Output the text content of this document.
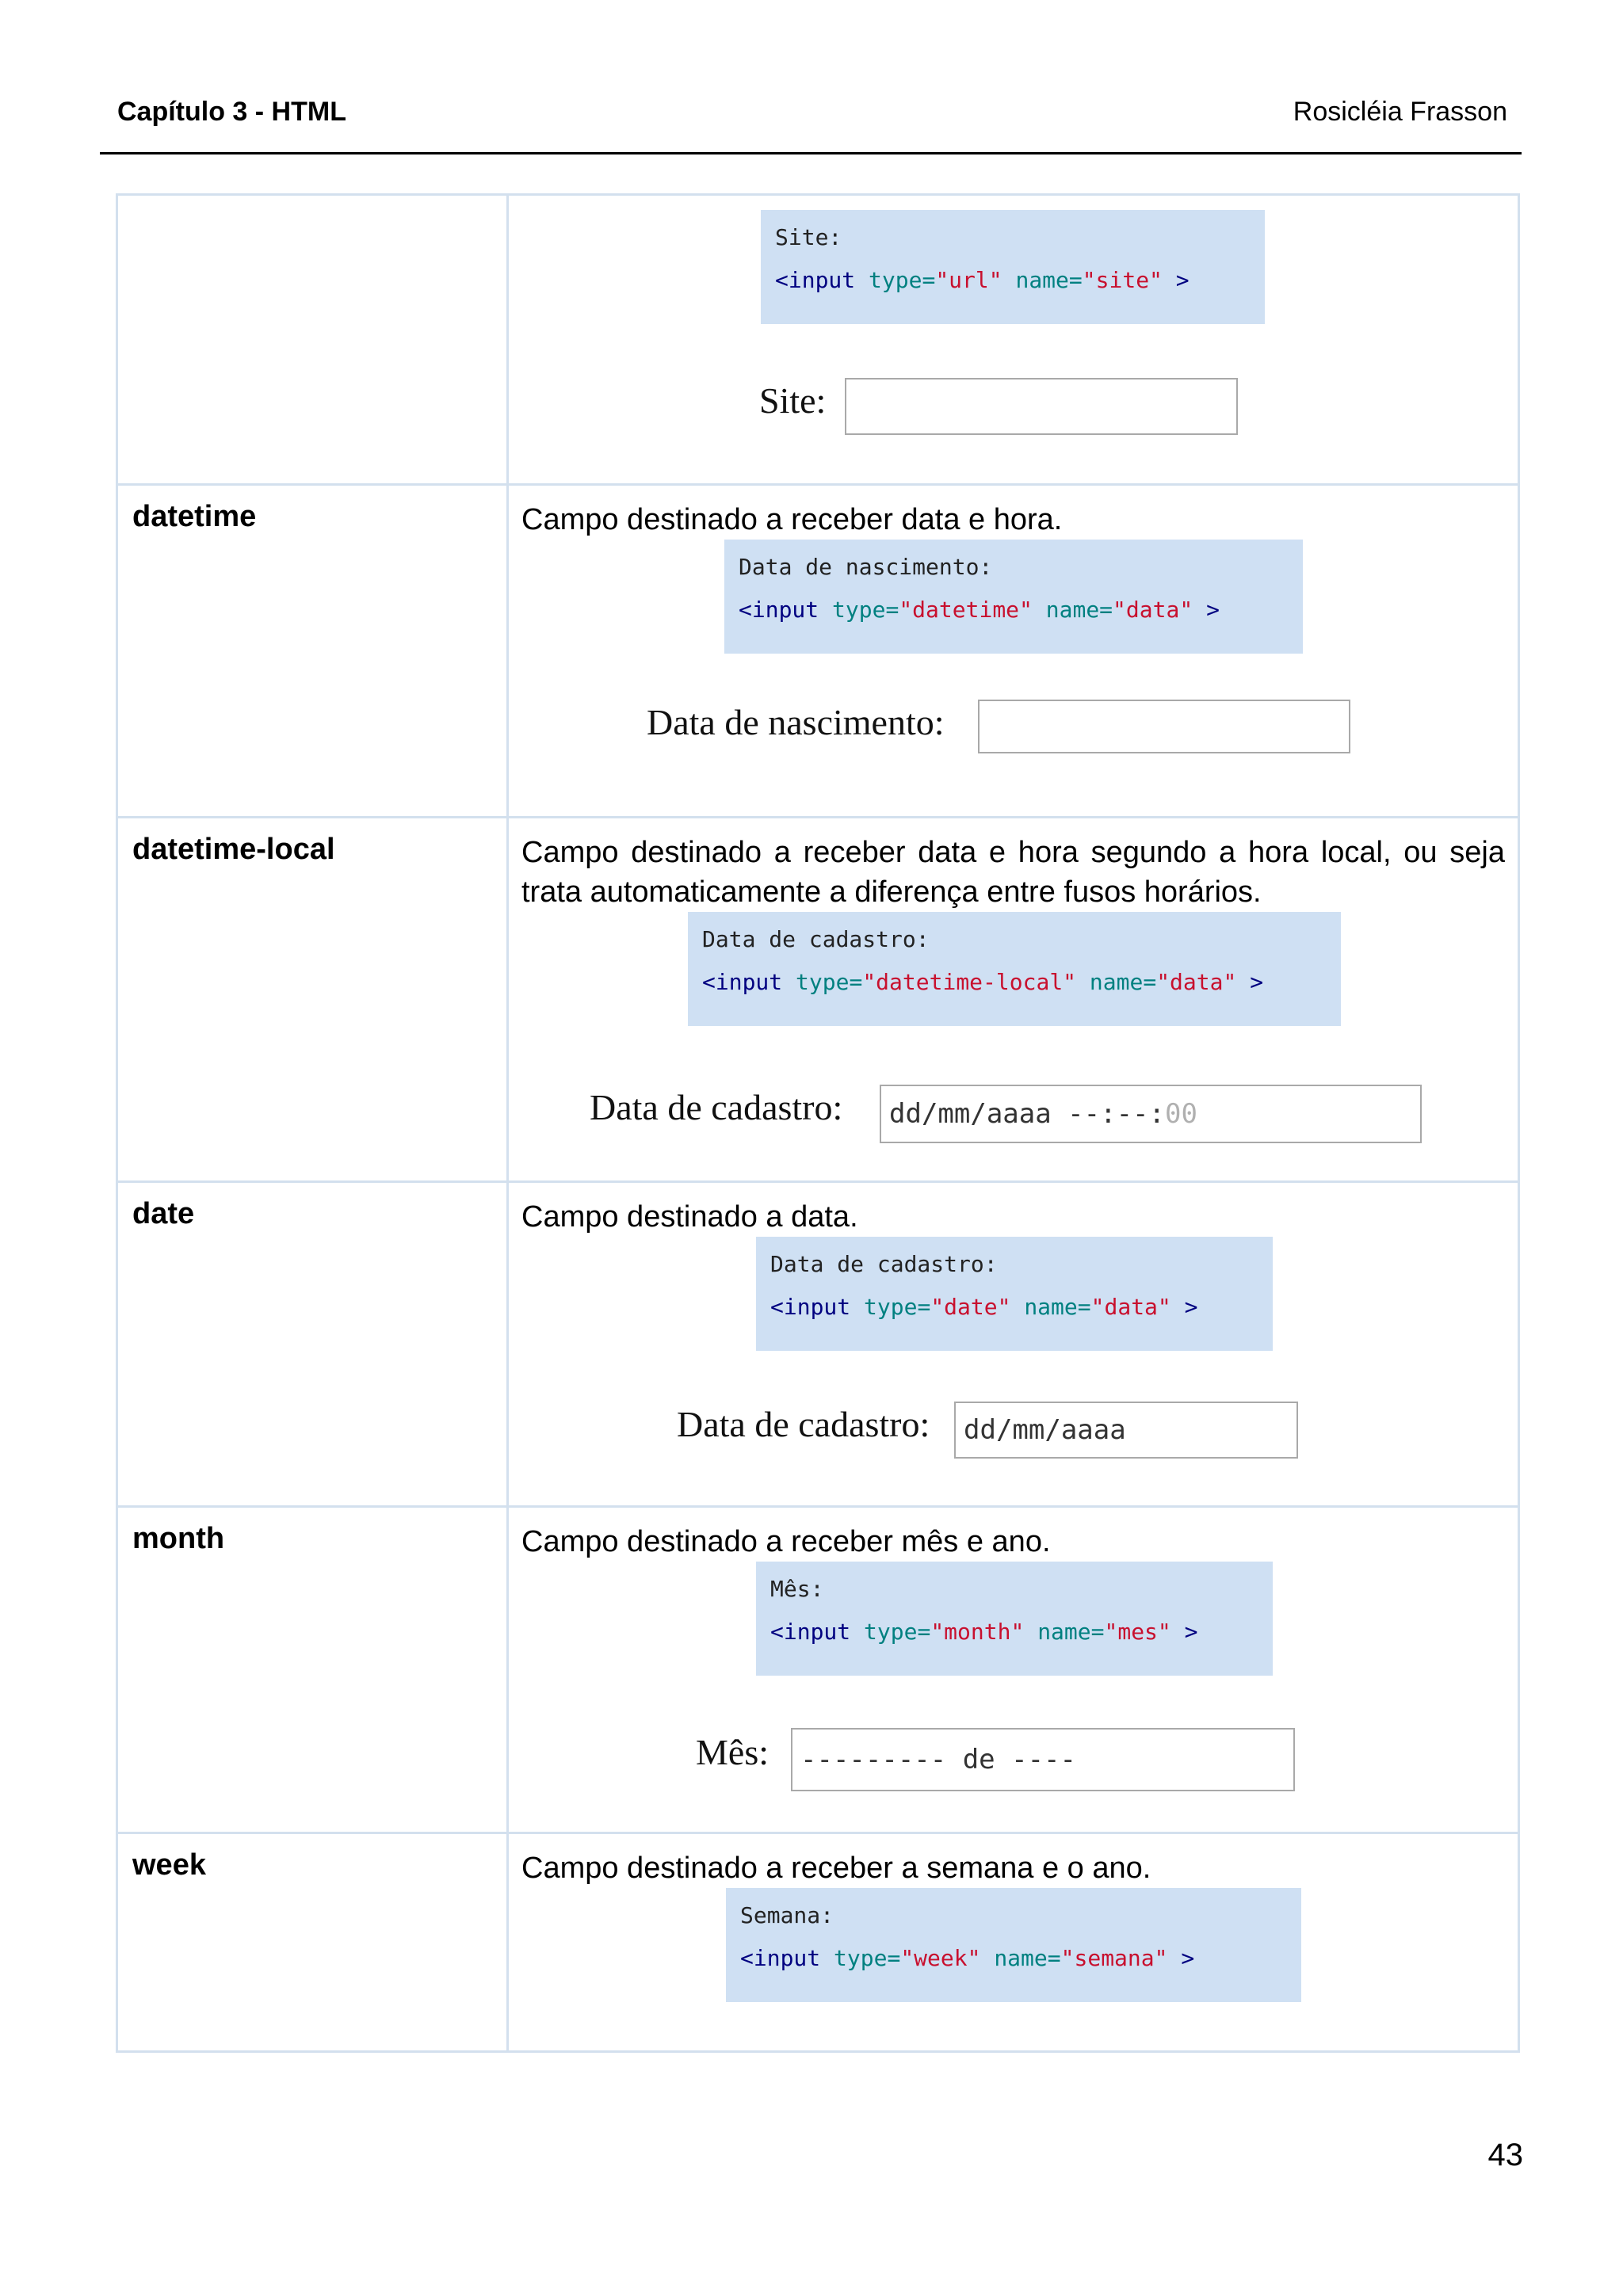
Capítulo 3 - HTML	Rosicléia Frasson

	Site:
<input type="url" name="site" >
Site:

datetime	Campo destinado a receber data e hora.
Data de nascimento:
<input type="datetime" name="data" >
Data de nascimento:

datetime-local	Campo destinado a receber data e hora segundo a hora local, ou seja trata automaticamente a diferença entre fusos horários.
Data de cadastro:
<input type="datetime-local" name="data" >
Data de cadastro: dd/mm/aaaa --:--:00

date	Campo destinado a data.
Data de cadastro:
<input type="date" name="data" >
Data de cadastro: dd/mm/aaaa

month	Campo destinado a receber mês e ano.
Mês:
<input type="month" name="mes" >
Mês: --------- de ----

week	Campo destinado a receber a semana e o ano.
Semana:
<input type="week" name="semana" >
43
